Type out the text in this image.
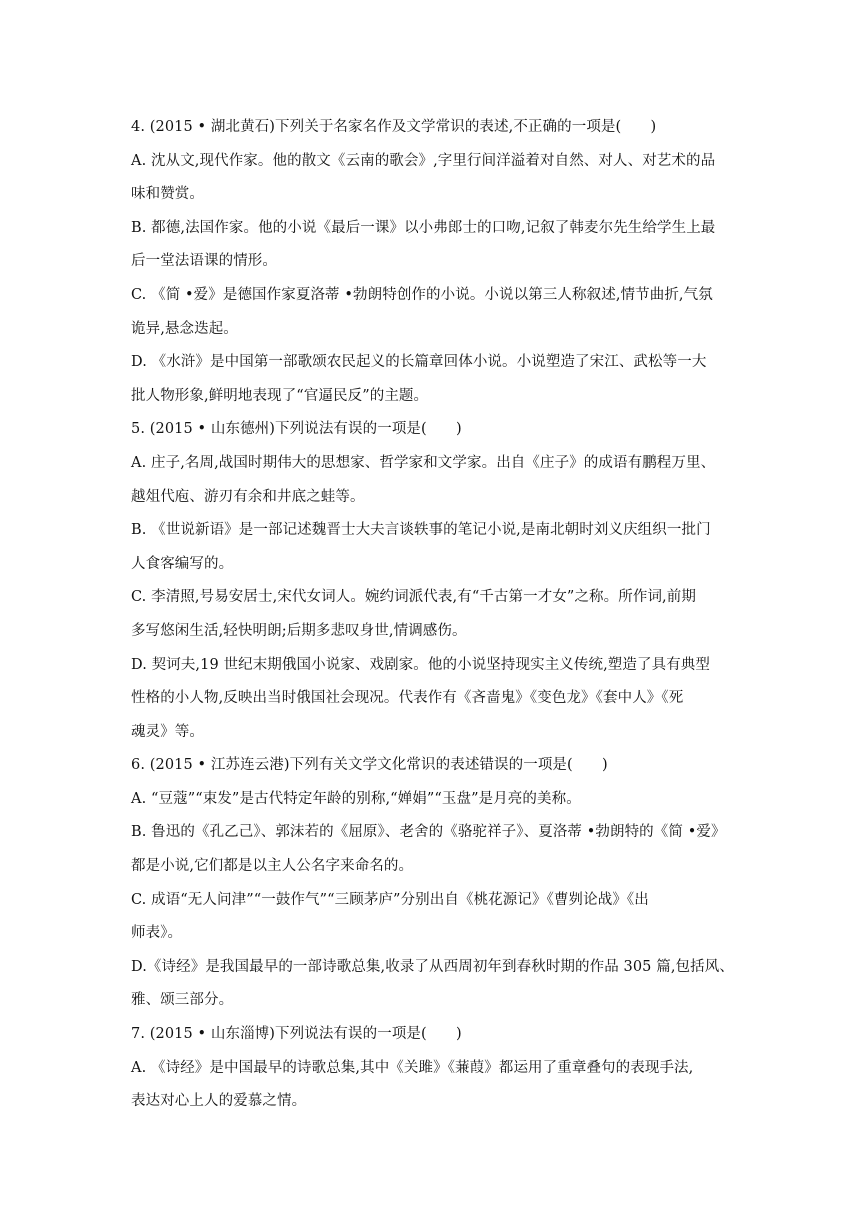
4. (2015 • 湖北黄石)下列关于名家名作及文学常识的表述,不正确的一项是(　　)
A. 沈从文,现代作家。他的散文《云南的歌会》,字里行间洋溢着对自然、对人、对艺术的品
味和赞赏。
B. 都德,法国作家。他的小说《最后一课》以小弗郎士的口吻,记叙了韩麦尔先生给学生上最
后一堂法语课的情形。
C. 《简 •爱》是德国作家夏洛蒂 •勃朗特创作的小说。小说以第三人称叙述,情节曲折,气氛
诡异,悬念迭起。
D. 《水浒》是中国第一部歌颂农民起义的长篇章回体小说。小说塑造了宋江、武松等一大
批人物形象,鲜明地表现了“官逼民反”的主题。
5. (2015 • 山东德州)下列说法有误的一项是(　　)
A. 庄子,名周,战国时期伟大的思想家、哲学家和文学家。出自《庄子》的成语有鹏程万里、
越俎代庖、游刃有余和井底之蛙等。
B. 《世说新语》是一部记述魏晋士大夫言谈轶事的笔记小说,是南北朝时刘义庆组织一批门
人食客编写的。
C. 李清照,号易安居士,宋代女词人。婉约词派代表,有“千古第一才女”之称。所作词,前期
多写悠闲生活,轻快明朗;后期多悲叹身世,情调感伤。
D. 契诃夫,19 世纪末期俄国小说家、戏剧家。他的小说坚持现实主义传统,塑造了具有典型
性格的小人物,反映出当时俄国社会现况。代表作有《吝啬鬼》《变色龙》《套中人》《死
魂灵》等。
6. (2015 • 江苏连云港)下列有关文学文化常识的表述错误的一项是(　　)
A. “豆蔻”“束发”是古代特定年龄的别称,“婵娟”“玉盘”是月亮的美称。
B. 鲁迅的《孔乙己》、郭沫若的《屈原》、老舍的《骆驼祥子》、夏洛蒂 •勃朗特的《简 •爱》
都是小说,它们都是以主人公名字来命名的。
C. 成语“无人问津”“一鼓作气”“三顾茅庐”分别出自《桃花源记》《曹刿论战》《出
师表》。
D.《诗经》是我国最早的一部诗歌总集,收录了从西周初年到春秋时期的作品 305 篇,包括风、
雅、颂三部分。
7. (2015 • 山东淄博)下列说法有误的一项是(　　)
A. 《诗经》是中国最早的诗歌总集,其中《关雎》《蒹葭》都运用了重章叠句的表现手法,
表达对心上人的爱慕之情。
